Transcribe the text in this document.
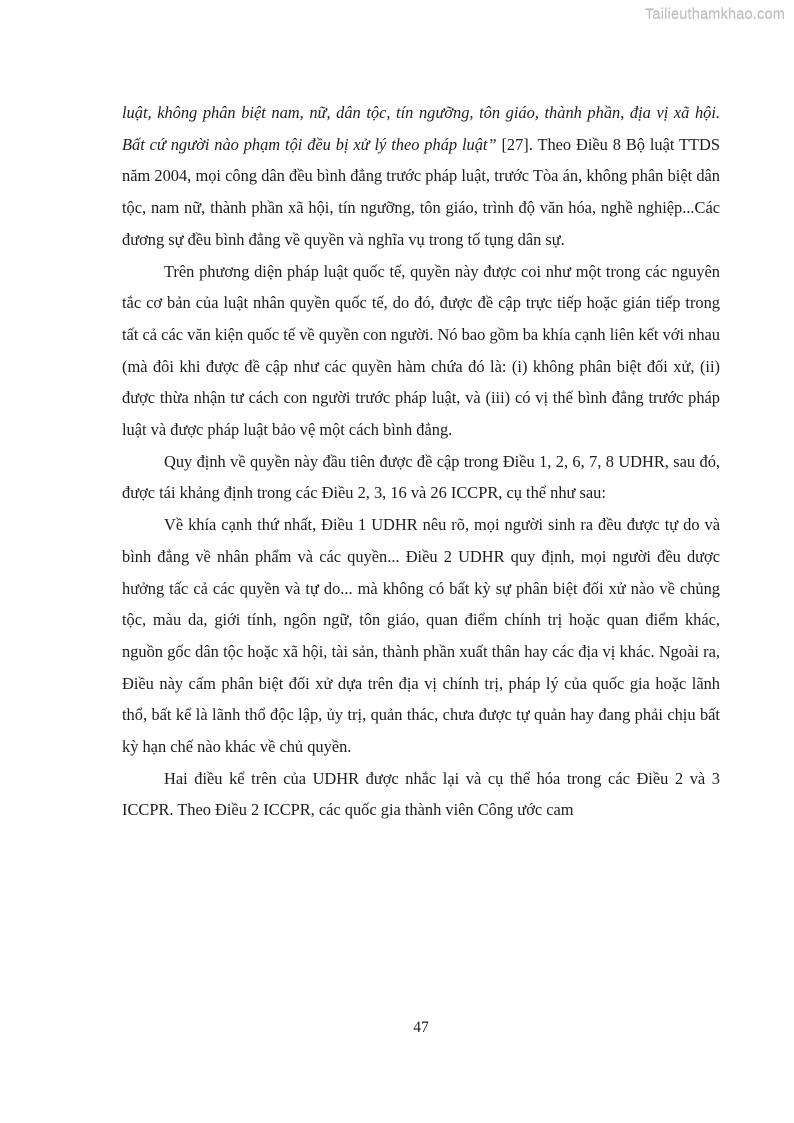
Tailieuthamkhao.com

luật, không phân biệt nam, nữ, dân tộc, tín ngưỡng, tôn giáo, thành phần, địa vị xã hội. Bất cứ người nào phạm tội đều bị xử lý theo pháp luật” [27]. Theo Điều 8 Bộ luật TTDS năm 2004, mọi công dân đều bình đẳng trước pháp luật, trước Tòa án, không phân biệt dân tộc, nam nữ, thành phần xã hội, tín ngưỡng, tôn giáo, trình độ văn hóa, nghề nghiệp...Các đương sự đều bình đẳng về quyền và nghĩa vụ trong tố tụng dân sự.

Trên phương diện pháp luật quốc tế, quyền này được coi như một trong các nguyên tắc cơ bản của luật nhân quyền quốc tế, do đó, được đề cập trực tiếp hoặc gián tiếp trong tất cả các văn kiện quốc tế về quyền con người. Nó bao gồm ba khía cạnh liên kết với nhau (mà đôi khi được đề cập như các quyền hàm chứa đó là: (i) không phân biệt đối xử, (ii) được thừa nhận tư cách con người trước pháp luật, và (iii) có vị thế bình đẳng trước pháp luật và được pháp luật bảo vệ một cách bình đẳng.

Quy định về quyền này đầu tiên được đề cập trong Điều 1, 2, 6, 7, 8 UDHR, sau đó, được tái khảng định trong các Điều 2, 3, 16 và 26 ICCPR, cụ thể như sau:

Về khía cạnh thứ nhất, Điều 1 UDHR nêu rõ, mọi người sinh ra đều được tự do và bình đẳng về nhân phẩm và các quyền... Điều 2 UDHR quy định, mọi người đều dược hưởng tấc cả các quyền và tự do... mà không có bất kỳ sự phân biệt đối xử nào về chủng tộc, màu da, giới tính, ngôn ngữ, tôn giáo, quan điểm chính trị hoặc quan điểm khác, nguồn gốc dân tộc hoặc xã hội, tài sản, thành phần xuất thân hay các địa vị khác. Ngoài ra, Điều này cấm phân biệt đối xử dựa trên địa vị chính trị, pháp lý của quốc gia hoặc lãnh thổ, bất kể là lãnh thổ độc lập, ủy trị, quản thác, chưa được tự quản hay đang phải chịu bất kỳ hạn chế nào khác về chủ quyền.

Hai điều kể trên của UDHR được nhắc lại và cụ thể hóa trong các Điều 2 và 3 ICCPR. Theo Điều 2 ICCPR, các quốc gia thành viên Công ước cam

47
